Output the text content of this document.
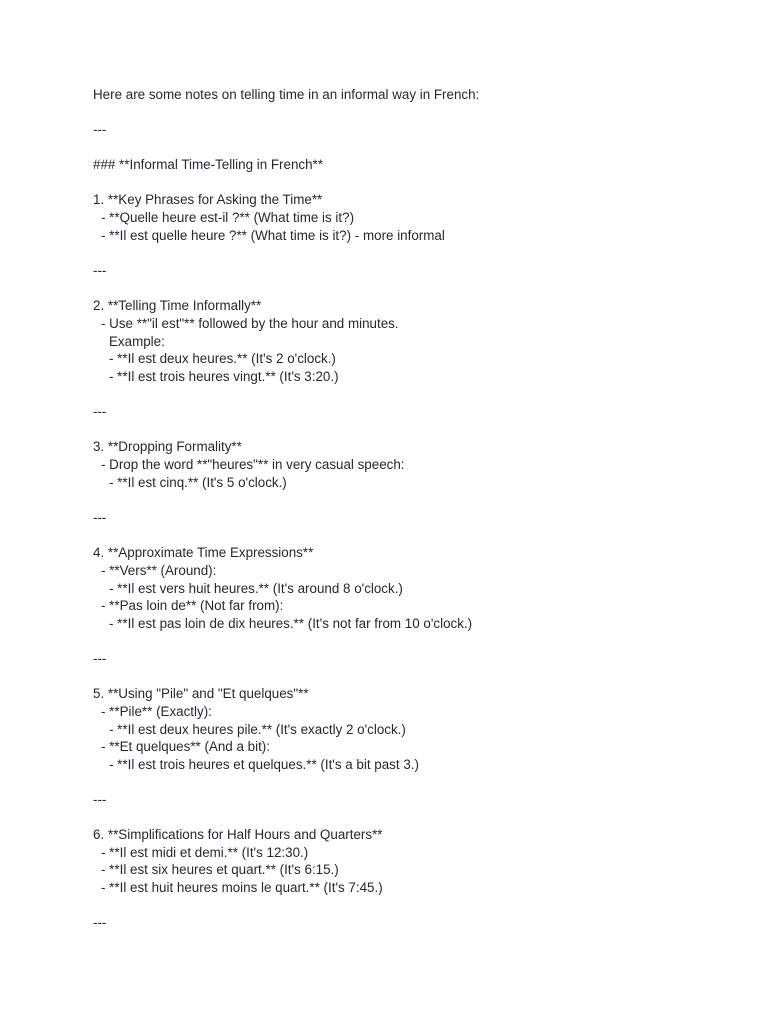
Here are some notes on telling time in an informal way in French:
---
### **Informal Time-Telling in French**
1. **Key Phrases for Asking the Time**
- **Quelle heure est-il ?** (What time is it?)
- **Il est quelle heure ?** (What time is it?) - more informal
---
2. **Telling Time Informally**
- Use **"il est"** followed by the hour and minutes.
Example:
- **Il est deux heures.** (It's 2 o'clock.)
- **Il est trois heures vingt.** (It's 3:20.)
---
3. **Dropping Formality**
- Drop the word **"heures"** in very casual speech:
- **Il est cinq.** (It's 5 o'clock.)
---
4. **Approximate Time Expressions**
- **Vers** (Around):
- **Il est vers huit heures.** (It's around 8 o'clock.)
- **Pas loin de** (Not far from):
- **Il est pas loin de dix heures.** (It's not far from 10 o'clock.)
---
5. **Using "Pile" and "Et quelques"**
- **Pile** (Exactly):
- **Il est deux heures pile.** (It's exactly 2 o'clock.)
- **Et quelques** (And a bit):
- **Il est trois heures et quelques.** (It's a bit past 3.)
---
6. **Simplifications for Half Hours and Quarters**
- **Il est midi et demi.** (It's 12:30.)
- **Il est six heures et quart.** (It's 6:15.)
- **Il est huit heures moins le quart.** (It's 7:45.)
---
